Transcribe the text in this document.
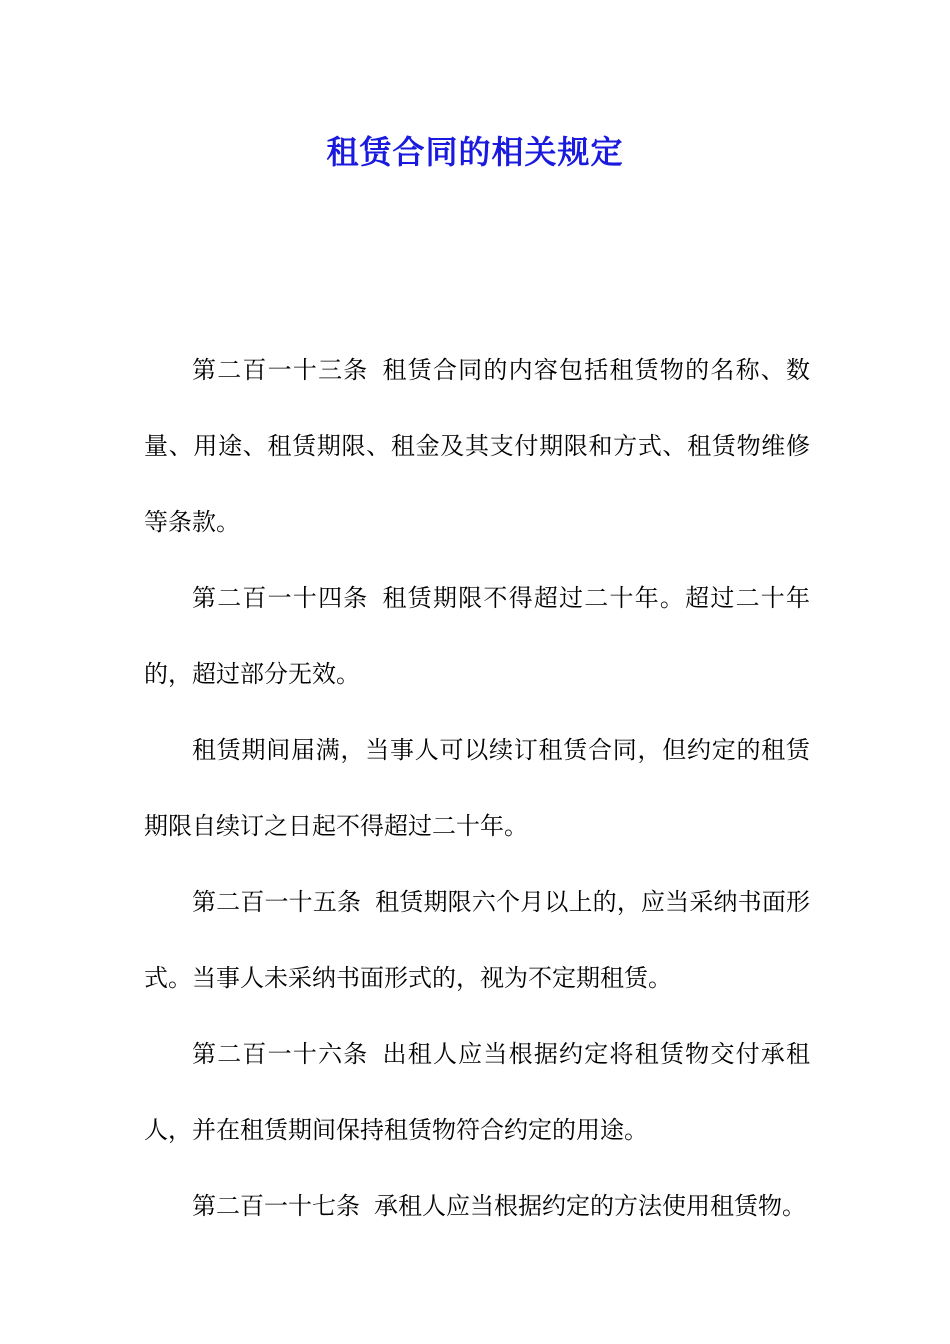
租赁合同的相关规定

第二百一十三条 租赁合同的内容包括租赁物的名称、数量、用途、租赁期限、租金及其支付期限和方式、租赁物维修等条款。

第二百一十四条 租赁期限不得超过二十年。超过二十年的，超过部分无效。

租赁期间届满，当事人可以续订租赁合同，但约定的租赁期限自续订之日起不得超过二十年。

第二百一十五条 租赁期限六个月以上的，应当采纳书面形式。当事人未采纳书面形式的，视为不定期租赁。

第二百一十六条 出租人应当根据约定将租赁物交付承租人，并在租赁期间保持租赁物符合约定的用途。

第二百一十七条 承租人应当根据约定的方法使用租赁物。
